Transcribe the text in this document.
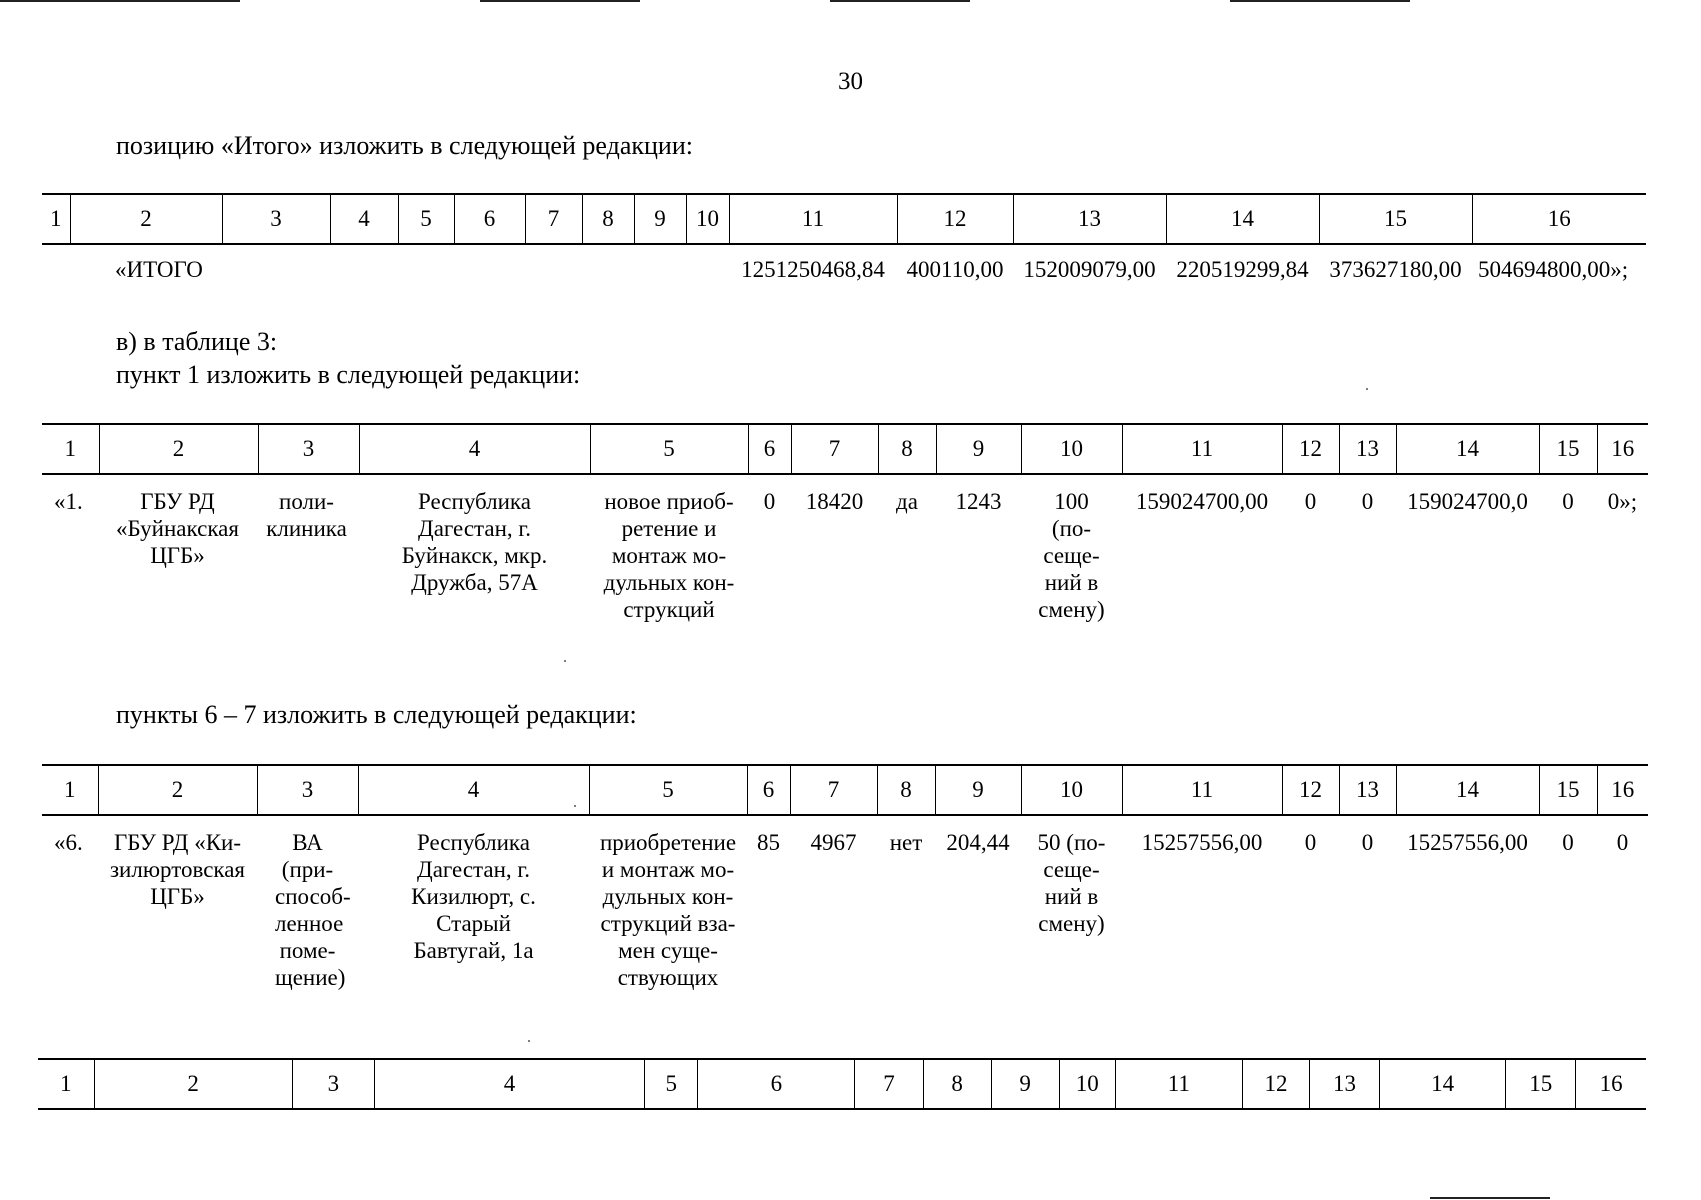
30
позицию «Итого» изложить в следующей редакции:
1	2	3	4	5	6	7	8	9	10	11	12	13	14	15	16
	«ИТОГО									1251250468,84	400110,00	152009079,00	220519299,84	373627180,00	504694800,00»;
в) в таблице 3:
пункт 1 изложить в следующей редакции:
1	2	3	4	5	6	7	8	9	10	11	12	13	14	15	16
«1.	ГБУ РД «Буйнакская ЦГБ»	поли- клиника	Республика Дагестан, г. Буйнакск, мкр. Дружба, 57А	новое приоб- ретение и монтаж мо- дульных кон- струкций	0	18420	да	1243	100 (по- сеще- ний в смену)	159024700,00	0	0	159024700,0	0	0»;
пункты 6 – 7 изложить в следующей редакции:
1	2	3	4	5	6	7	8	9	10	11	12	13	14	15	16
«6.	ГБУ РД «Ки- зилюртовская ЦГБ»	ВА (при- способ- ленное поме- щение)	Республика Дагестан, г. Кизилюрт, с. Старый Бавтугай, 1а	приобретение и монтаж мо- дульных кон- струкций вза- мен суще- ствующих	85	4967	нет	204,44	50 (по- сеще- ний в смену)	15257556,00	0	0	15257556,00	0	0
1	2	3	4	5	6	7	8	9	10	11	12	13	14	15	16
